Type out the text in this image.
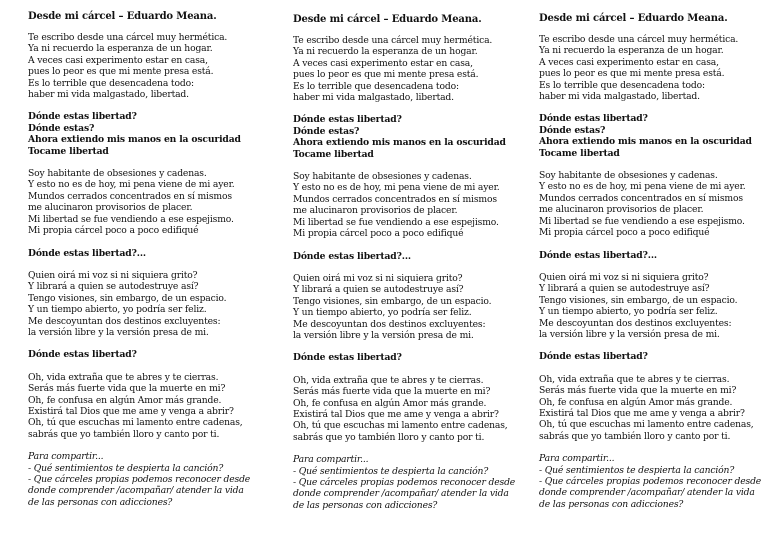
Desde mi cárcel – Eduardo Meana.
Te escribo desde una cárcel muy hermética.
Ya ni recuerdo la esperanza de un hogar.
A veces casi experimento estar en casa,
pues lo peor es que mi mente presa está.
Es lo terrible que desencadena todo:
haber mi vida malgastado, libertad.
Dónde estas libertad?
Dónde estas?
Ahora extiendo mis manos en la oscuridad
Tocame libertad
Soy habitante de obsesiones y cadenas.
Y esto no es de hoy, mi pena viene de mi ayer.
Mundos cerrados concentrados en sí mismos
me alucinaron provisorios de placer.
Mi libertad se fue vendiendo a ese espejismo.
Mi propia cárcel poco a poco edifiqué
Dónde estas libertad?...
Quien oirá mi voz si ni siquiera grito?
Y librará a quien se autodestruye así?
Tengo visiones, sin embargo, de un espacio.
Y un tiempo abierto, yo podría ser feliz.
Me descoyuntan dos destinos excluyentes:
la versión libre y la versión presa de mi.
Dónde estas libertad?
Oh, vida extraña que te abres y te cierras.
Serás más fuerte vida que la muerte en mi?
Oh, fe confusa en algún Amor más grande.
Existirá tal Dios que me ame y venga a abrir?
Oh, tú que escuchas mi lamento entre cadenas,
sabrás que yo también lloro y canto por ti.
Para compartir...
- Qué sentimientos te despierta la canción?
- Que cárceles propias podemos reconocer desde
donde comprender /acompañar/ atender la vida
de las personas con adicciones?
Desde mi cárcel – Eduardo Meana.
Te escribo desde una cárcel muy hermética.
Ya ni recuerdo la esperanza de un hogar.
A veces casi experimento estar en casa,
pues lo peor es que mi mente presa está.
Es lo terrible que desencadena todo:
haber mi vida malgastado, libertad.
Dónde estas libertad?
Dónde estas?
Ahora extiendo mis manos en la oscuridad
Tocame libertad
Soy habitante de obsesiones y cadenas.
Y esto no es de hoy, mi pena viene de mi ayer.
Mundos cerrados concentrados en sí mismos
me alucinaron provisorios de placer.
Mi libertad se fue vendiendo a ese espejismo.
Mi propia cárcel poco a poco edifiqué
Dónde estas libertad?...
Quien oirá mi voz si ni siquiera grito?
Y librará a quien se autodestruye así?
Tengo visiones, sin embargo, de un espacio.
Y un tiempo abierto, yo podría ser feliz.
Me descoyuntan dos destinos excluyentes:
la versión libre y la versión presa de mi.
Dónde estas libertad?
Oh, vida extraña que te abres y te cierras.
Serás más fuerte vida que la muerte en mi?
Oh, fe confusa en algún Amor más grande.
Existirá tal Dios que me ame y venga a abrir?
Oh, tú que escuchas mi lamento entre cadenas,
sabrás que yo también lloro y canto por ti.
Para compartir...
- Qué sentimientos te despierta la canción?
- Que cárceles propias podemos reconocer desde
donde comprender /acompañar/ atender la vida
de las personas con adicciones?
Desde mi cárcel – Eduardo Meana.
Te escribo desde una cárcel muy hermética.
Ya ni recuerdo la esperanza de un hogar.
A veces casi experimento estar en casa,
pues lo peor es que mi mente presa está.
Es lo terrible que desencadena todo:
haber mi vida malgastado, libertad.
Dónde estas libertad?
Dónde estas?
Ahora extiendo mis manos en la oscuridad
Tocame libertad
Soy habitante de obsesiones y cadenas.
Y esto no es de hoy, mi pena viene de mi ayer.
Mundos cerrados concentrados en sí mismos
me alucinaron provisorios de placer.
Mi libertad se fue vendiendo a ese espejismo.
Mi propia cárcel poco a poco edifiqué
Dónde estas libertad?...
Quien oirá mi voz si ni siquiera grito?
Y librará a quien se autodestruye así?
Tengo visiones, sin embargo, de un espacio.
Y un tiempo abierto, yo podría ser feliz.
Me descoyuntan dos destinos excluyentes:
la versión libre y la versión presa de mi.
Dónde estas libertad?
Oh, vida extraña que te abres y te cierras.
Serás más fuerte vida que la muerte en mi?
Oh, fe confusa en algún Amor más grande.
Existirá tal Dios que me ame y venga a abrir?
Oh, tú que escuchas mi lamento entre cadenas,
sabrás que yo también lloro y canto por ti.
Para compartir...
- Qué sentimientos te despierta la canción?
- Que cárceles propias podemos reconocer desde
donde comprender /acompañar/ atender la vida
de las personas con adicciones?
